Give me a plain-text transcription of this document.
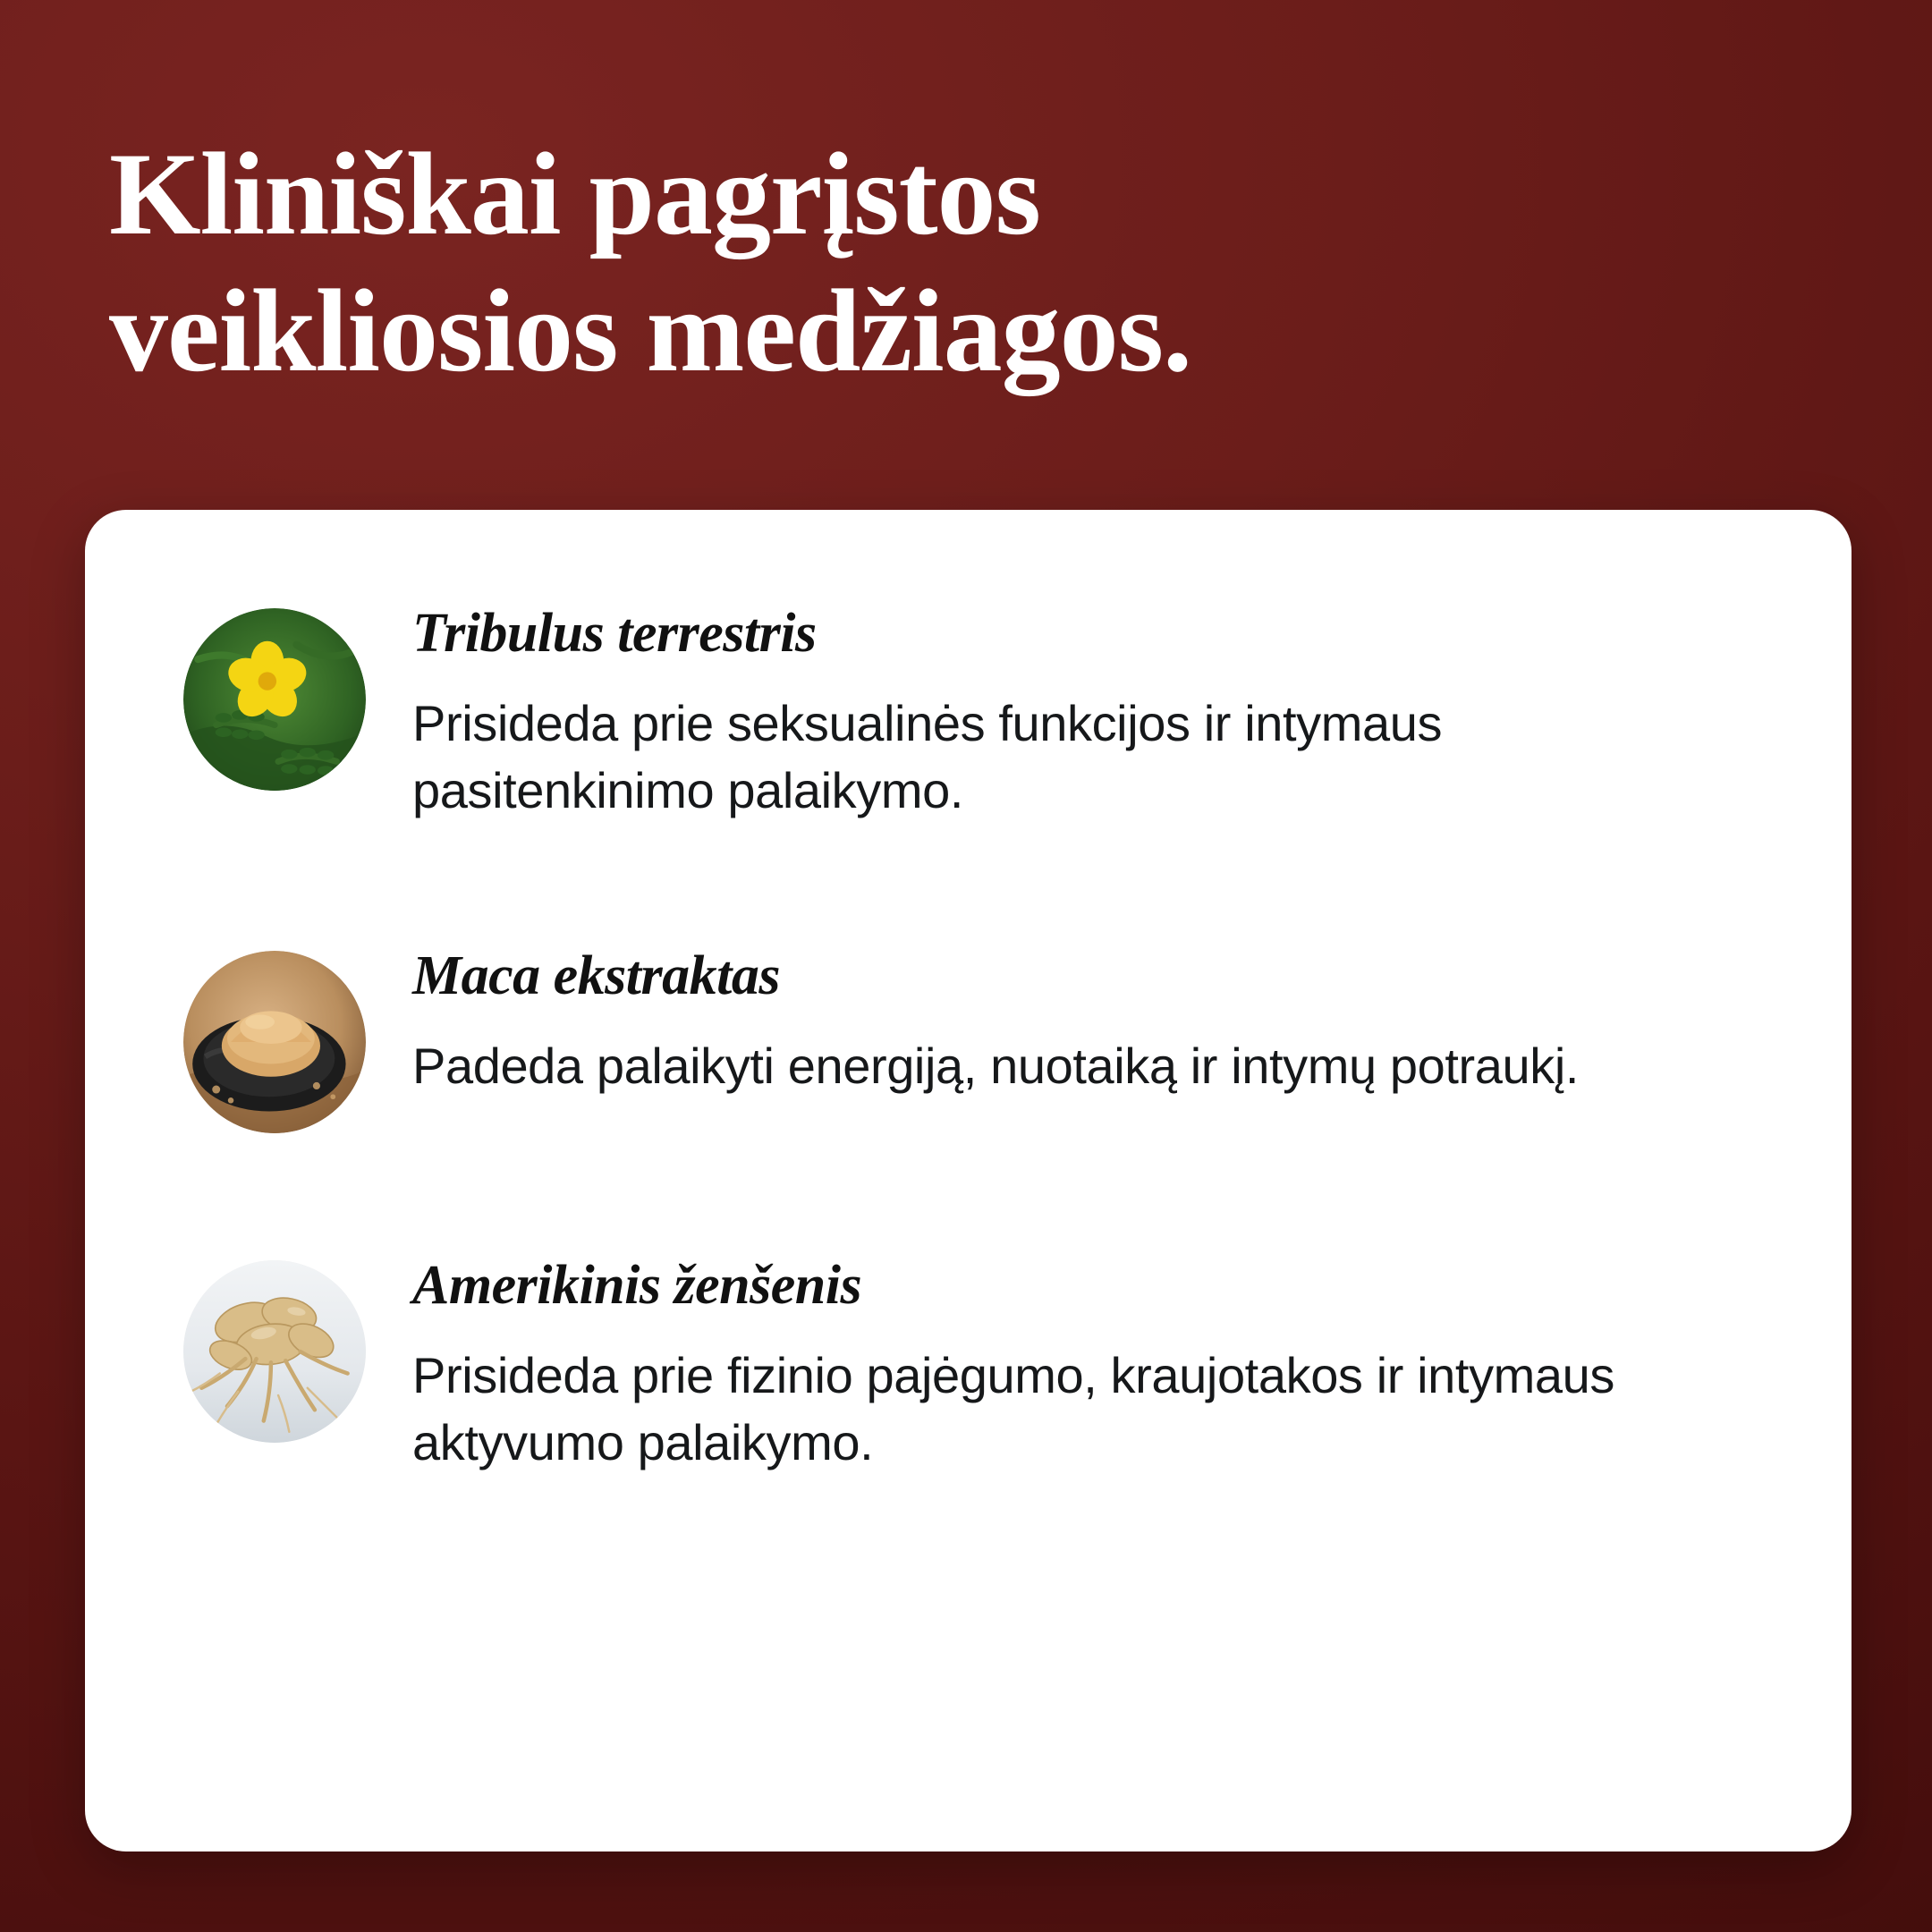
Kliniškai pagrįstos
veikliosios medžiagos.
Tribulus terrestris
Prisideda prie seksualinės funkcijos ir intymaus pasitenkinimo palaikymo.
Maca ekstraktas
Padeda palaikyti energiją, nuotaiką ir intymų potraukį.
Amerikinis ženšenis
Prisideda prie fizinio pajėgumo, kraujotakos ir intymaus aktyvumo palaikymo.
